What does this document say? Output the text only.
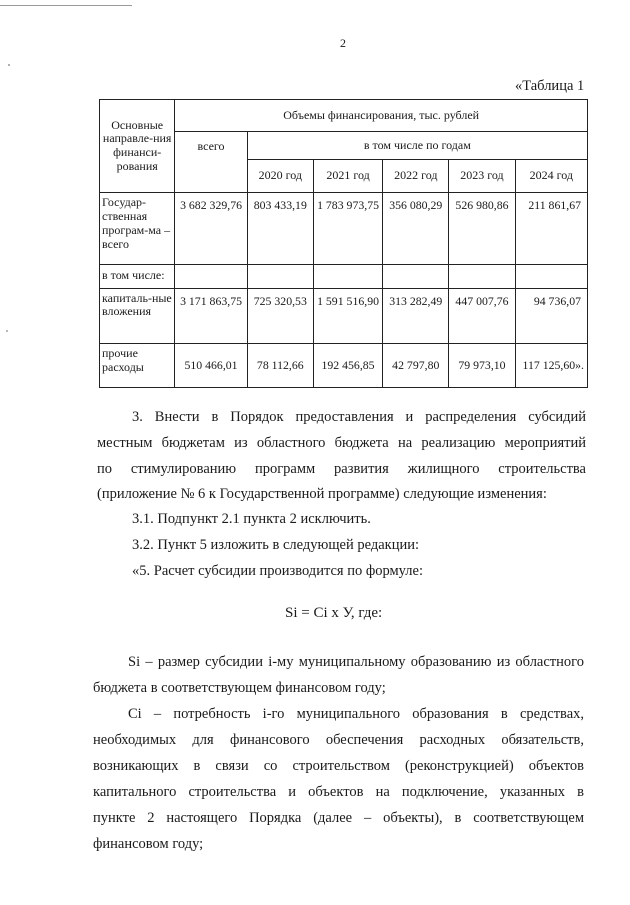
2
«Таблица 1
Основные направле-ния финанси-рования	Объемы финансирования, тыс. рублей					
	всего	в том числе по годам				
		2020 год	2021 год	2022 год	2023 год	2024 год
Государ-ственная програм-ма – всего	3 682 329,76	803 433,19	1 783 973,75	356 080,29	526 980,86	211 861,67
в том числе:						
капиталь-ные вложения	3 171 863,75	725 320,53	1 591 516,90	313 282,49	447 007,76	94 736,07
прочие расходы	510 466,01	78 112,66	192 456,85	42 797,80	79 973,10	117 125,60».
3. Внести в Порядок предоставления и распределения субсидий
местным бюджетам из областного бюджета на реализацию мероприятий
по стимулированию программ развития жилищного строительства
(приложение № 6 к Государственной программе) следующие изменения:
3.1. Подпункт 2.1 пункта 2 исключить.
3.2. Пункт 5 изложить в следующей редакции:
«5. Расчет субсидии производится по формуле:
Si = Ci х У, где:
Si – размер субсидии i-му муниципальному образованию из областного
бюджета в соответствующем финансовом году;
Ci – потребность i-го муниципального образования в средствах,
необходимых для финансового обеспечения расходных обязательств,
возникающих в связи со строительством (реконструкцией) объектов
капитального строительства и объектов на подключение, указанных в
пункте 2 настоящего Порядка (далее – объекты), в соответствующем
финансовом году;
